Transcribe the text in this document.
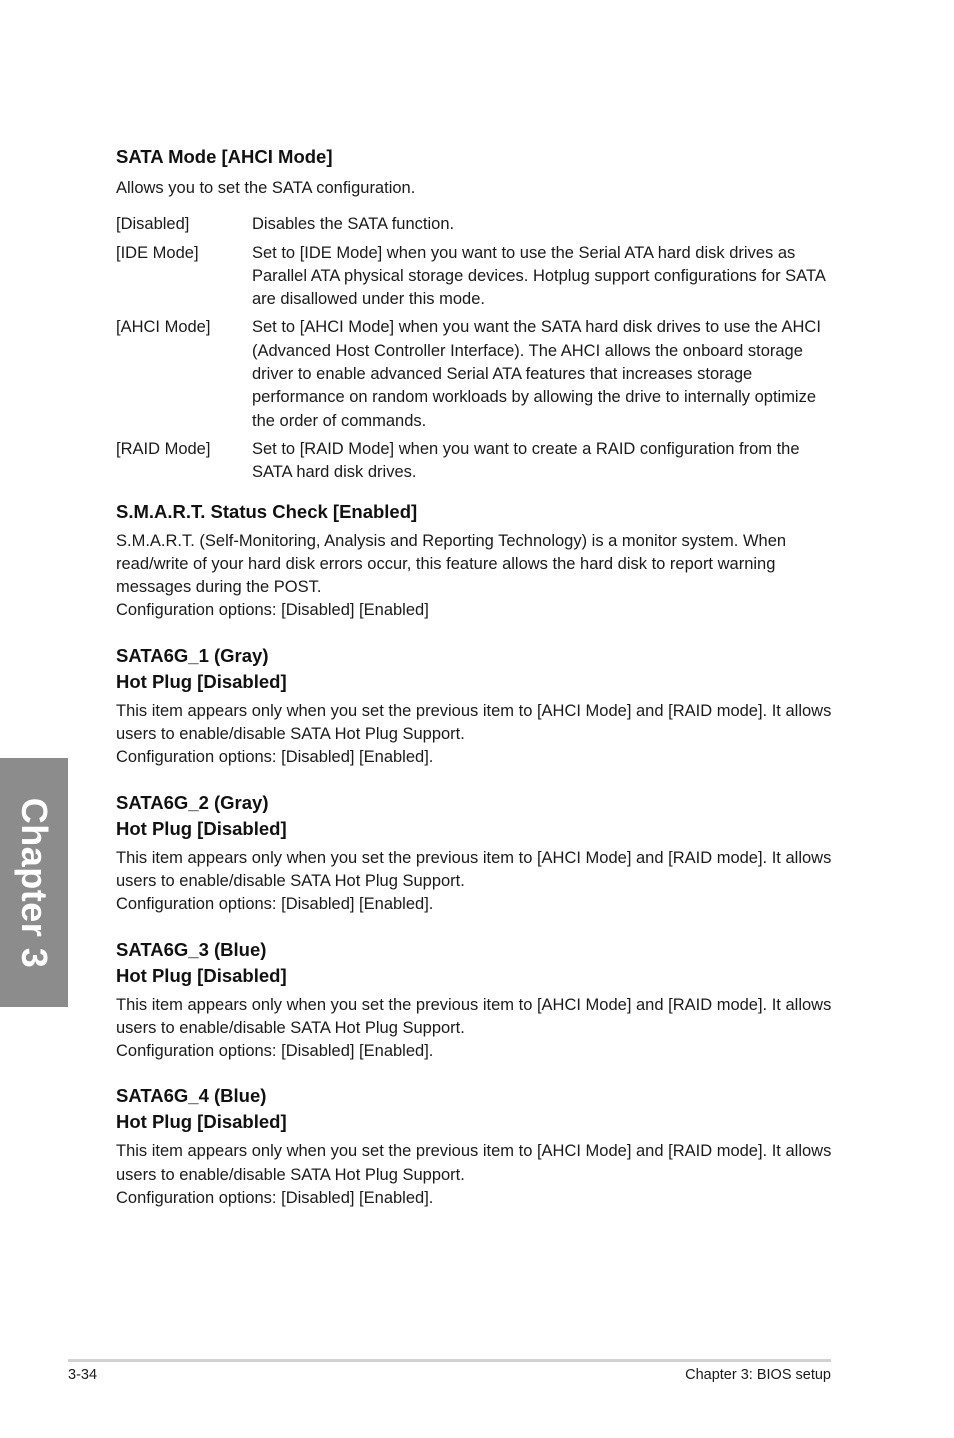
SATA Mode [AHCI Mode]

Allows you to set the SATA configuration.

[Disabled]	Disables the SATA function.
[IDE Mode]	Set to [IDE Mode] when you want to use the Serial ATA hard disk drives as Parallel ATA physical storage devices. Hotplug support configurations for SATA are disallowed under this mode.
[AHCI Mode]	Set to [AHCI Mode] when you want the SATA hard disk drives to use the AHCI (Advanced Host Controller Interface). The AHCI allows the onboard storage driver to enable advanced Serial ATA features that increases storage performance on random workloads by allowing the drive to internally optimize the order of commands.
[RAID Mode]	Set to [RAID Mode] when you want to create a RAID configuration from the SATA hard disk drives.
S.M.A.R.T. Status Check [Enabled]

S.M.A.R.T. (Self-Monitoring, Analysis and Reporting Technology) is a monitor system. When read/write of your hard disk errors occur, this feature allows the hard disk to report warning messages during the POST.

Configuration options: [Disabled] [Enabled]

SATA6G_1 (Gray)
Hot Plug [Disabled]

This item appears only when you set the previous item to [AHCI Mode] and [RAID mode]. It allows users to enable/disable SATA Hot Plug Support.

Configuration options: [Disabled] [Enabled].

SATA6G_2 (Gray)
Hot Plug [Disabled]

This item appears only when you set the previous item to [AHCI Mode] and [RAID mode]. It allows users to enable/disable SATA Hot Plug Support.

Configuration options: [Disabled] [Enabled].

SATA6G_3 (Blue)
Hot Plug [Disabled]

This item appears only when you set the previous item to [AHCI Mode] and [RAID mode]. It allows users to enable/disable SATA Hot Plug Support.

Configuration options: [Disabled] [Enabled].

SATA6G_4 (Blue)
Hot Plug [Disabled]

This item appears only when you set the previous item to [AHCI Mode] and [RAID mode]. It allows users to enable/disable SATA Hot Plug Support.

Configuration options: [Disabled] [Enabled].

Chapter 3
3-34	Chapter 3: BIOS setup
